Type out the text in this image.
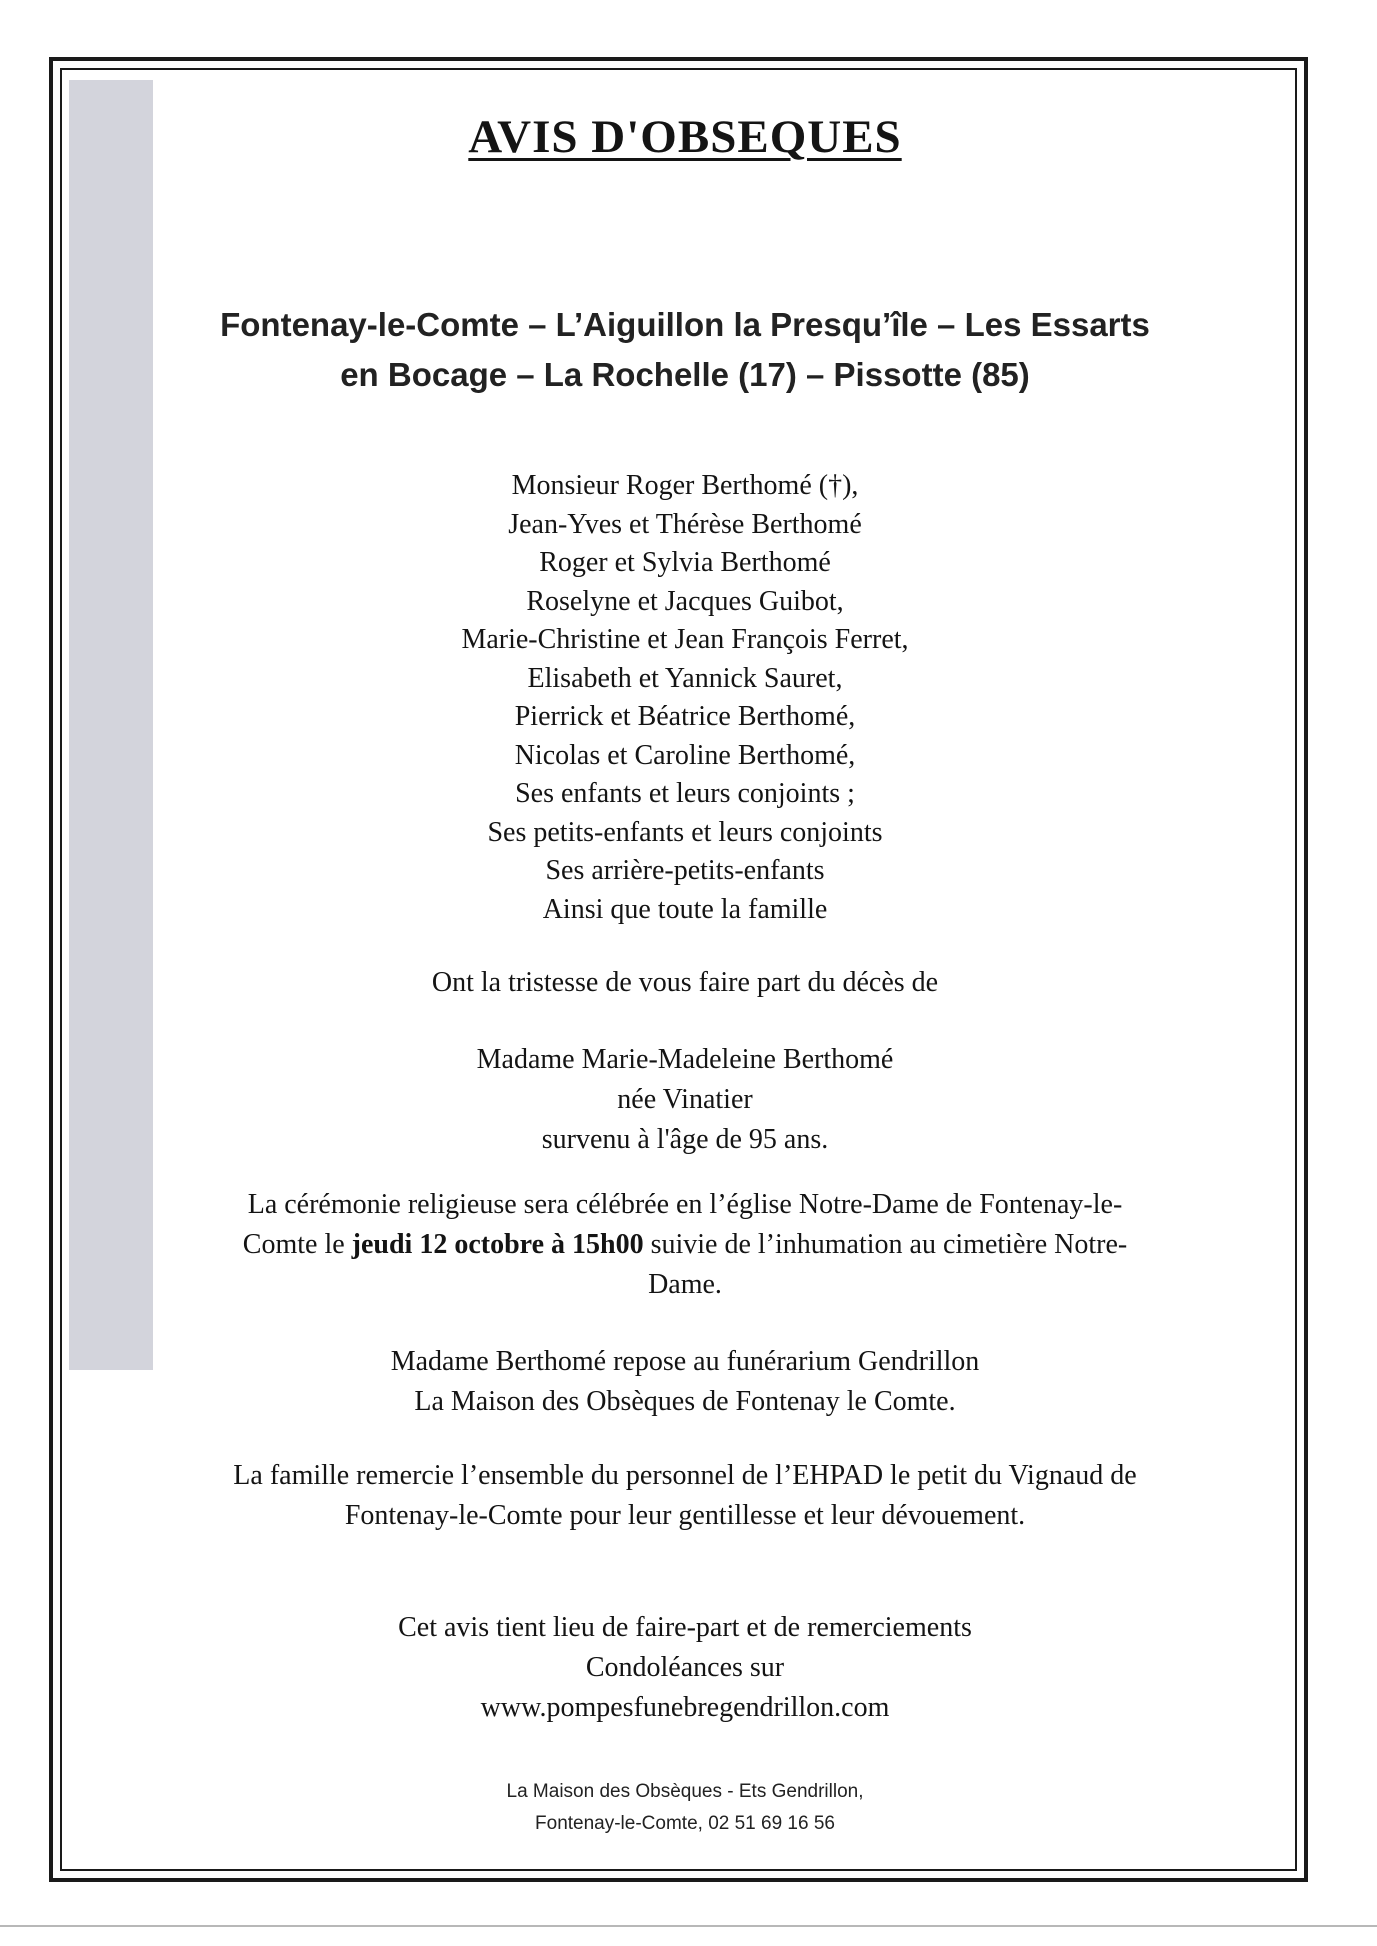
AVIS D'OBSEQUES
Fontenay-le-Comte – L’Aiguillon la Presqu’île – Les Essarts
en Bocage – La Rochelle (17) – Pissotte (85)
Monsieur Roger Berthomé (†),
Jean-Yves et Thérèse Berthomé
Roger et Sylvia Berthomé
Roselyne et Jacques Guibot,
Marie-Christine et Jean François Ferret,
Elisabeth et Yannick Sauret,
Pierrick et Béatrice Berthomé,
Nicolas et Caroline Berthomé,
Ses enfants et leurs conjoints ;
Ses petits-enfants et leurs conjoints
Ses arrière-petits-enfants
Ainsi que toute la famille
Ont la tristesse de vous faire part du décès de
Madame Marie-Madeleine Berthomé
née Vinatier
survenu à l'âge de 95 ans.
La cérémonie religieuse sera célébrée en l’église Notre-Dame de Fontenay-le-
Comte le jeudi 12 octobre à 15h00 suivie de l’inhumation au cimetière Notre-
Dame.
Madame Berthomé repose au funérarium Gendrillon
La Maison des Obsèques de Fontenay le Comte.
La famille remercie l’ensemble du personnel de l’EHPAD le petit du Vignaud de
Fontenay-le-Comte pour leur gentillesse et leur dévouement.
Cet avis tient lieu de faire-part et de remerciements
Condoléances sur
www.pompesfunebregendrillon.com
La Maison des Obsèques - Ets Gendrillon,
Fontenay-le-Comte, 02 51 69 16 56
